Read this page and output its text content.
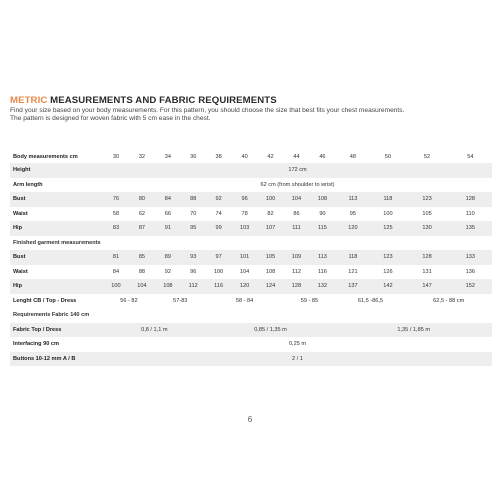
METRIC MEASUREMENTS AND FABRIC REQUIREMENTS
Find your size based on your body measurements. For this pattern, you should choose the size that best fits your chest measurements.
The pattern is designed for woven fabric with 5 cm ease in the chest.
Body measurements cm	30	32	34	36	38	40	42	44	46	48	50	52	54
Height	172 cm												
Arm length	62 cm (from shoulder to wrist)												
Bust	76	80	84	88	92	96	100	104	108	113	118	123	128
Waist	58	62	66	70	74	78	82	86	90	95	100	105	110
Hip	83	87	91	95	99	103	107	111	115	120	125	130	135
Finished garment measurements													
Bust	81	85	89	93	97	101	105	109	113	118	123	128	133
Waist	84	88	92	96	100	104	108	112	116	121	126	131	136
Hip	100	104	108	112	116	120	124	128	132	137	142	147	152
Lenght CB / Top - Dress	56 - 82		57-83		58 - 84			59 - 85		61,5 -86,5		62,5 - 88 cm	
Requirements Fabric 140 cm													
Fabric Top / Dress	0,8 / 1,1 m				0,85 / 1,35 m					1,35 / 1,85 m			
Interfacing 90 cm	0,25 m												
Buttons 10-12 mm A / B	2 / 1												
6
